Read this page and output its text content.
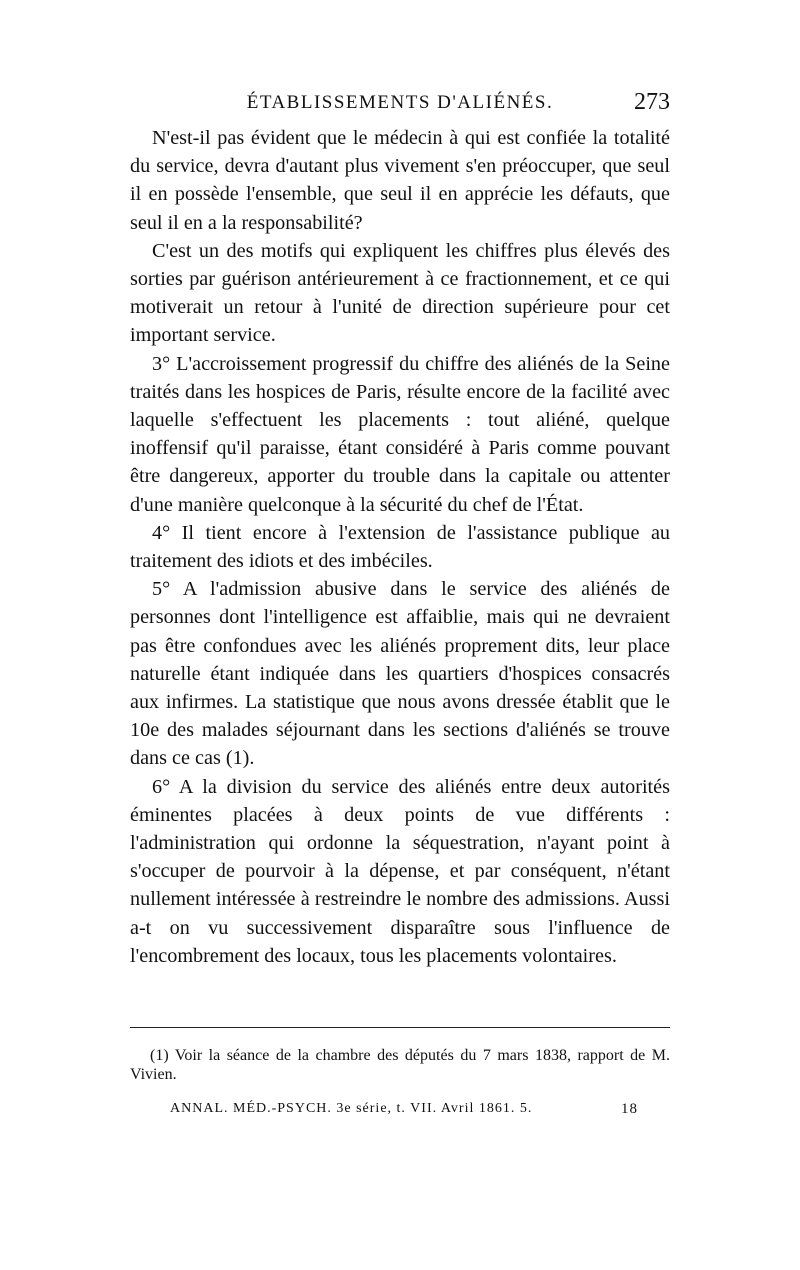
ÉTABLISSEMENTS D'ALIÉNÉS.	273

N'est-il pas évident que le médecin à qui est confiée la totalité du service, devra d'autant plus vivement s'en préoccuper, que seul il en possède l'ensemble, que seul il en apprécie les défauts, que seul il en a la responsabilité?

C'est un des motifs qui expliquent les chiffres plus élevés des sorties par guérison antérieurement à ce fractionnement, et ce qui motiverait un retour à l'unité de direction supérieure pour cet important service.

3° L'accroissement progressif du chiffre des aliénés de la Seine traités dans les hospices de Paris, résulte encore de la facilité avec laquelle s'effectuent les placements : tout aliéné, quelque inoffensif qu'il paraisse, étant considéré à Paris comme pouvant être dangereux, apporter du trouble dans la capitale ou attenter d'une manière quelconque à la sécurité du chef de l'État.

4° Il tient encore à l'extension de l'assistance publique au traitement des idiots et des imbéciles.

5° A l'admission abusive dans le service des aliénés de personnes dont l'intelligence est affaiblie, mais qui ne devraient pas être confondues avec les aliénés proprement dits, leur place naturelle étant indiquée dans les quartiers d'hospices consacrés aux infirmes. La statistique que nous avons dressée établit que le 10e des malades séjournant dans les sections d'aliénés se trouve dans ce cas (1).

6° A la division du service des aliénés entre deux autorités éminentes placées à deux points de vue différents : l'administration qui ordonne la séquestration, n'ayant point à s'occuper de pourvoir à la dépense, et par conséquent, n'étant nullement intéressée à restreindre le nombre des admissions. Aussi a-t on vu successivement disparaître sous l'influence de l'encombrement des locaux, tous les placements volontaires.

(1) Voir la séance de la chambre des députés du 7 mars 1838, rapport de M. Vivien.

ANNAL. MÉD.-PSYCH. 3e série, t. VII. Avril 1861. 5.	18
